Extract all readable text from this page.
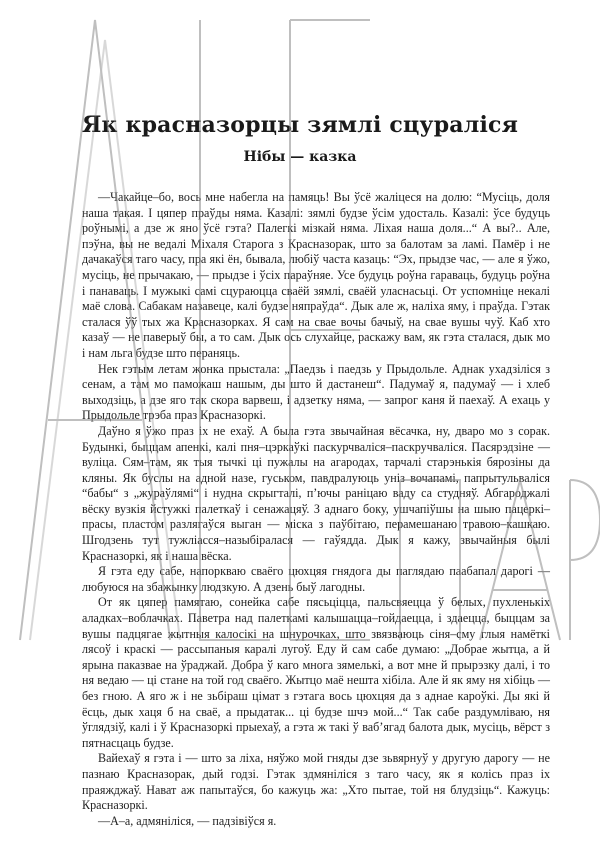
Як красназорцы зямлі сцураліся
Нібы — казка

—Чакайце–бо, вось мне набегла на памяць! Вы ўсё жаліцеся на долю: “Мусіць, доля наша такая. І цяпер праўды няма. Казалі: зямлі будзе ўсім удосталь. Казалі: ўсе будуць роўнымі, а дзе ж яно ўсё гэта? Палегкі мізкай няма. Ліхая наша доля...“ А вы?.. Але, пэўна, вы не ведалі Міхаля Старога з Красназорак, што за балотам за ламі. Памёр і не дачакаўся таго часу, пра які ён, бывала, любіў часта казаць: “Эх, прыдзе час, — але я ўжо, мусіць, не прычакаю, — прыдзе і ўсіх параўняе. Усе будуць роўна гараваць, будуць роўна і панаваць. І мужыкі самі сцураюцца сваёй зямлі, сваёй уласнасьці. От успомніце некалі маё слова. Сабакам назавеце, калі будзе няпраўда“. Дык але ж, наліха яму, і праўда. Гэтак сталася ўў тых жа Красназорках. Я сам на свае вочы бачыў, на свае вушы чуў. Каб хто казаў — не паверыў бы, а то сам. Дык ось слухайце, раскажу вам, як гэта сталася, дык мо і нам льга будзе што пераняць.

Нек гэтым летам жонка прыстала: „Паедзь і паедзь у Прыдольле. Аднак ухадзіліся з сенам, а там мо паможаш нашым, ды што й дастанеш“. Падумаў я, падумаў — і хлеб выходзіць, а дзе яго так скора варвеш, і адзетку няма, — запрог каня й паехаў. А ехаць у Прыдольле трэба праз Красназоркі.

Даўно я ўжо праз іх не ехаў. А была гэта звычайная вёсачка, ну, дваро мо з сорак. Будынкі, быццам апенкі, калі пня–цэркаўкі паскурчваліся–паскручваліся. Пасярэдзіне — вуліца. Сям–там, як тыя тычкі ці пужалы на агародах, тарчалі старэнькія бярозіны да кляны. Як буслы на адной назе, гуськом, павдралуюць уніз вочапамі, папрытульваліся “бабы“ з „жураўлямі“ і нудна скрыгталі, п’ючы раніцаю ваду са студняў. Абгароджалі вёску вузкія йстужкі палеткаў і сенажацяў. З аднаго боку, ушчапіўшы на шыю пацеркі–прасы, пластом разлягаўся выган — міска з паўбітаю, перамешанаю травою–кашкаю. Шгодзень тут тужліасся–назыбіралася — гаўядда. Дык я кажу, звычайныя былі Красназоркі, як і наша вёска.

Я гэта еду сабе, напоркваю сваёго цюхцяя гнядога ды паглядаю паабапал дарогі — любуюся на збажынку людзкую. А дзень быў лагодны.

От як цяпер памятаю, сонейка сабе пясьціцца, пальсвяецца ў белых, пухленькіх аладках–воблачках. Паветра над палеткамі калышацца–гойдаецца, і здаецца, быццам за вушы падцягае жытныя калосікі на шнурочках, што звязваюць сіня–сму глыя намёткі лясоў і краскі — рассыпаныя каралі лугоў. Еду й сам сабе думаю: „Добрае жытца, а й ярына паказвае на ўраджай. Добра ў каго многа зямелькі, а вот мне й прырэзку далі, і то ня ведаю — ці стане на той год сваёго. Жытцо маё нешта хібіла. Але й як яму ня хібіць — без гною. А яго ж і не зьбіраш цімат з гэтага вось цюхцяя да з аднае кароўкі. Ды які й ёсць, дык хаця б на сваё, а прыдатак... ці будзе шчэ мой...“ Так сабе раздумліваю, ня ўглядзіў, калі і ў Красназоркі прыехаў, а гэта ж такі ў ваб’ягад балота дык, мусіць, вёрст з пятнасцаць будзе.

Вайехаў я гэта і — што за ліха, няўжо мой гняды дзе зьвярнуў у другую дарогу — не пазнаю Красназорак, дый годзі. Гэтак здмяніліся з таго часу, як я колісь праз іх праяжджаў. Нават аж папытаўся, бо кажуць жа: „Хто пытае, той ня блудзіць“. Кажуць: Красназоркі.

—А–а, адмяніліся, — падзівіўся я.
